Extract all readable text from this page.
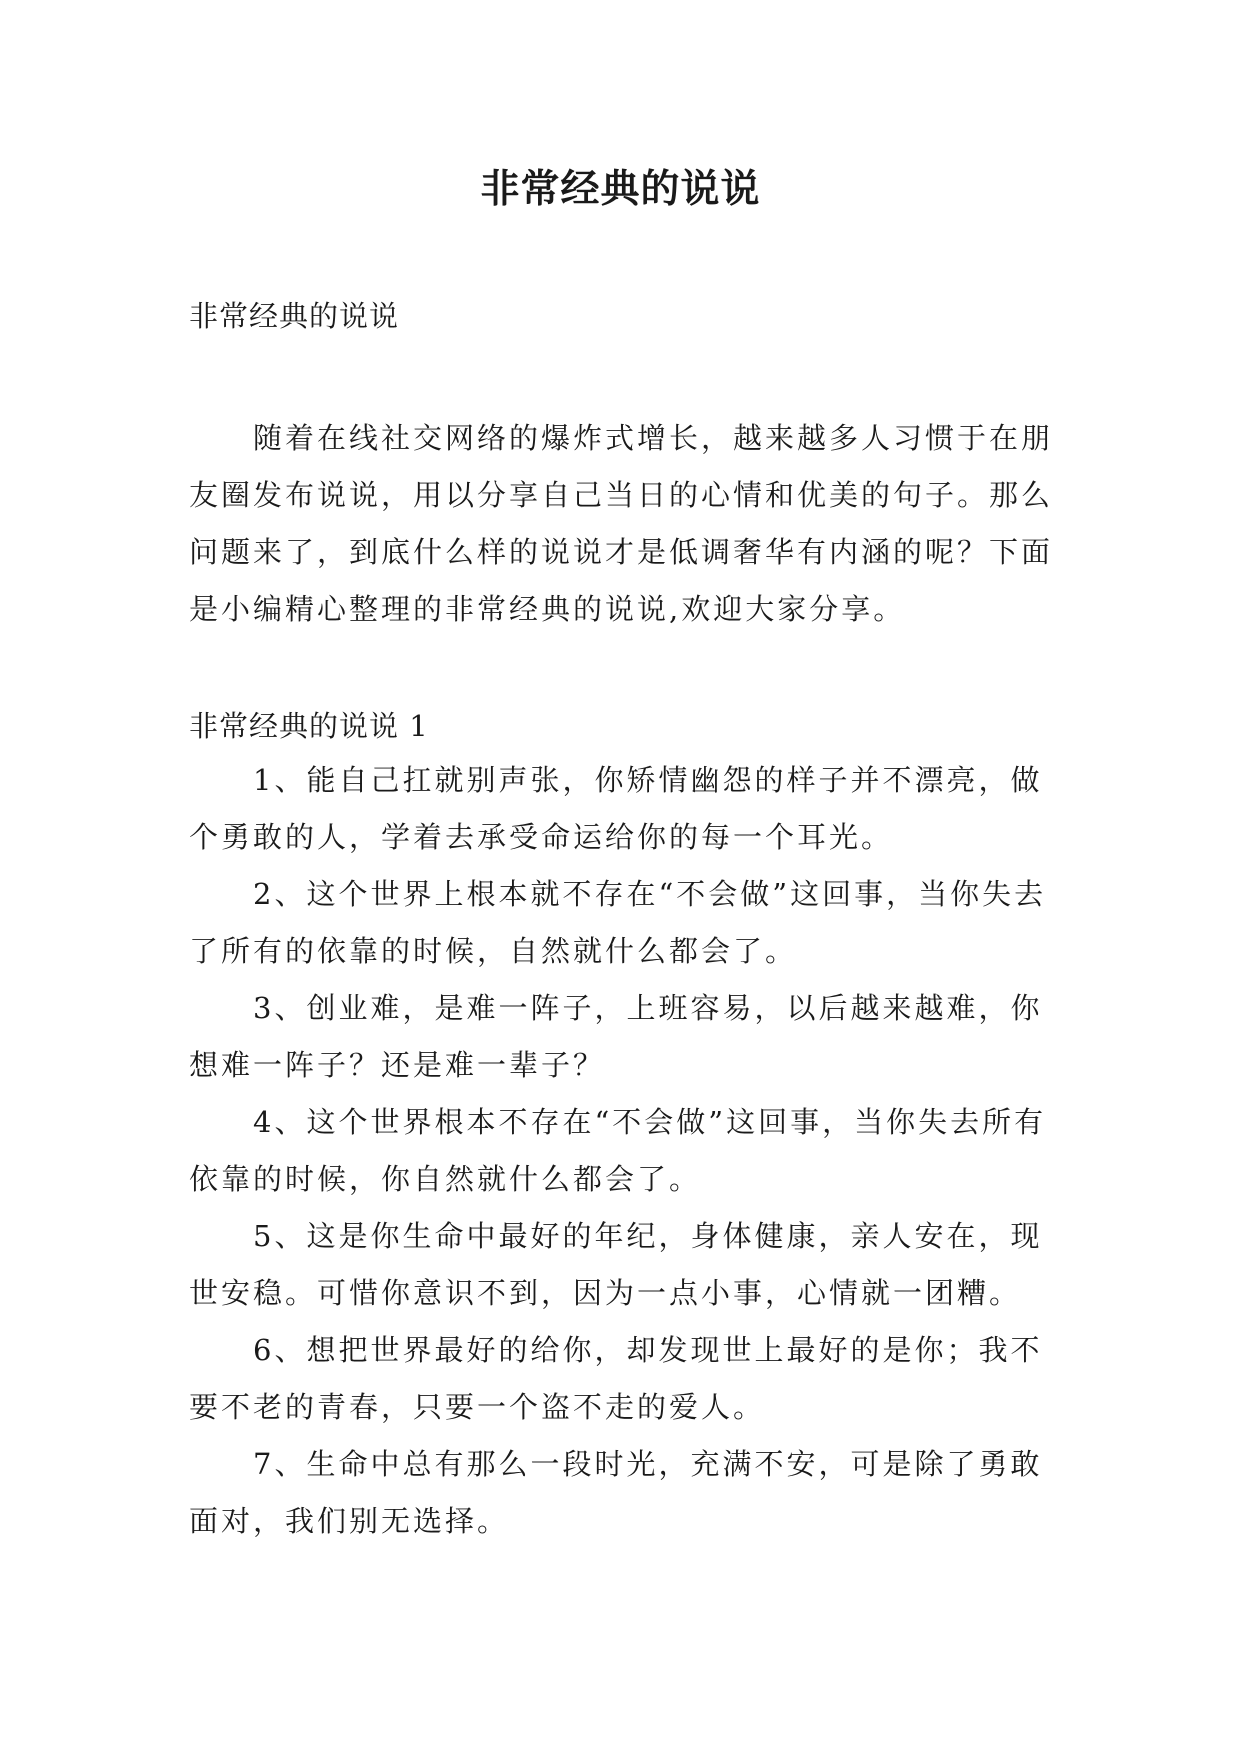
非常经典的说说

非常经典的说说

随着在线社交网络的爆炸式增长，越来越多人习惯于在朋友圈发布说说，用以分享自己当日的心情和优美的句子。那么问题来了，到底什么样的说说才是低调奢华有内涵的呢？下面是小编精心整理的非常经典的说说,欢迎大家分享。

非常经典的说说 1

1、能自己扛就别声张，你矫情幽怨的样子并不漂亮，做个勇敢的人，学着去承受命运给你的每一个耳光。

2、这个世界上根本就不存在“不会做”这回事，当你失去了所有的依靠的时候，自然就什么都会了。

3、创业难，是难一阵子，上班容易，以后越来越难，你想难一阵子？还是难一辈子？

4、这个世界根本不存在“不会做”这回事，当你失去所有依靠的时候，你自然就什么都会了。

5、这是你生命中最好的年纪，身体健康，亲人安在，现世安稳。可惜你意识不到，因为一点小事，心情就一团糟。

6、想把世界最好的给你，却发现世上最好的是你；我不要不老的青春，只要一个盗不走的爱人。

7、生命中总有那么一段时光，充满不安，可是除了勇敢面对，我们别无选择。
